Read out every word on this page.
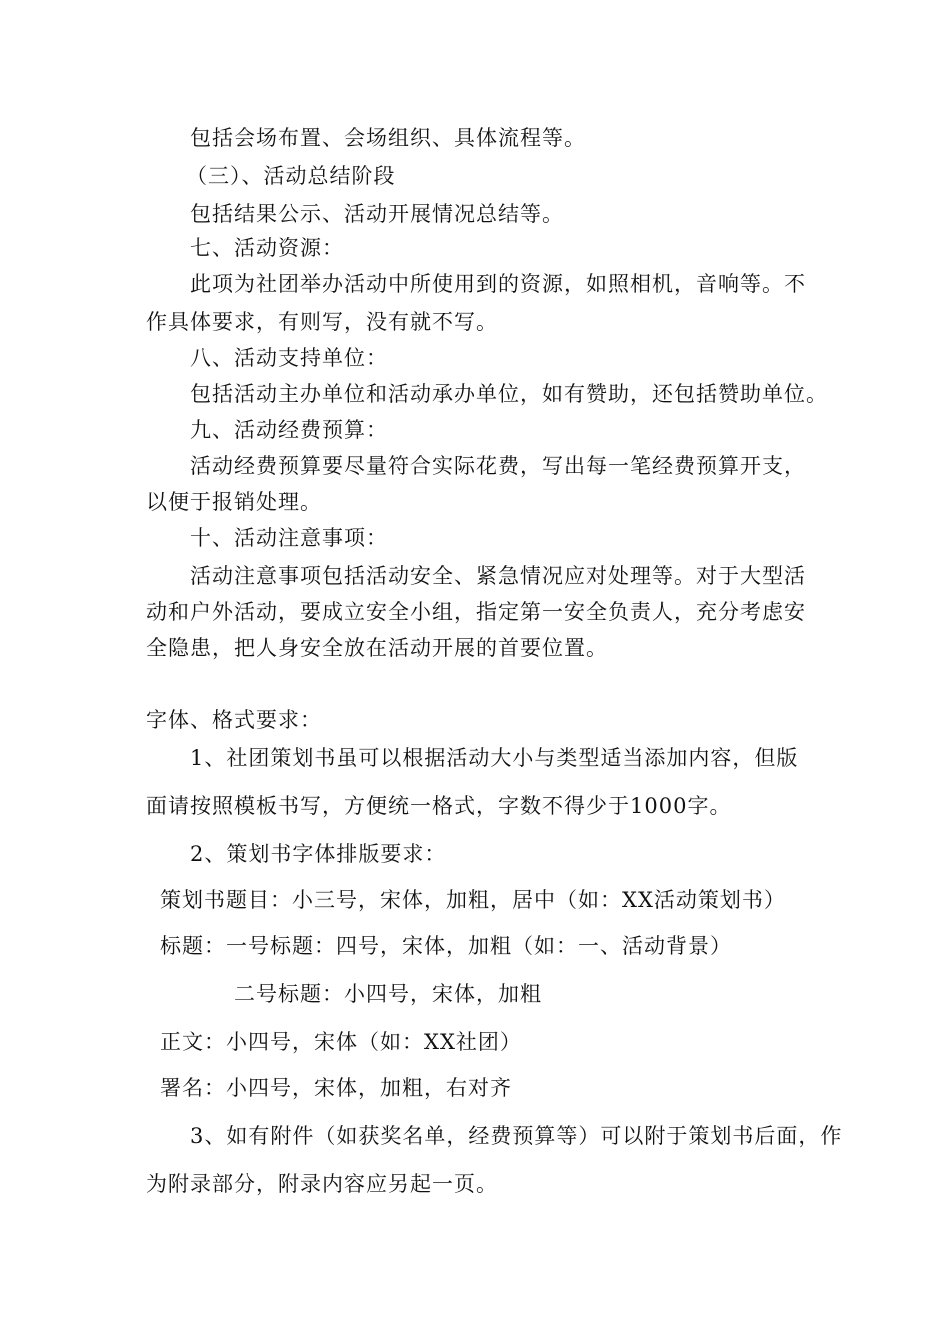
包括会场布置、会场组织、具体流程等。
（三）、活动总结阶段
包括结果公示、活动开展情况总结等。
七、活动资源：
此项为社团举办活动中所使用到的资源，如照相机，音响等。不
作具体要求，有则写，没有就不写。
八、活动支持单位：
包括活动主办单位和活动承办单位，如有赞助，还包括赞助单位。
九、活动经费预算：
活动经费预算要尽量符合实际花费，写出每一笔经费预算开支，
以便于报销处理。
十、活动注意事项：
活动注意事项包括活动安全、紧急情况应对处理等。对于大型活
动和户外活动，要成立安全小组，指定第一安全负责人，充分考虑安
全隐患，把人身安全放在活动开展的首要位置。
字体、格式要求：
1、社团策划书虽可以根据活动大小与类型适当添加内容，但版
面请按照模板书写，方便统一格式，字数不得少于1000字。
2、策划书字体排版要求：
策划书题目：小三号，宋体，加粗，居中（如：XX活动策划书）
标题：一号标题：四号，宋体，加粗（如：一、活动背景）
二号标题：小四号，宋体，加粗
正文：小四号，宋体（如：XX社团）
署名：小四号，宋体，加粗，右对齐
3、如有附件（如获奖名单，经费预算等）可以附于策划书后面，作
为附录部分，附录内容应另起一页。
